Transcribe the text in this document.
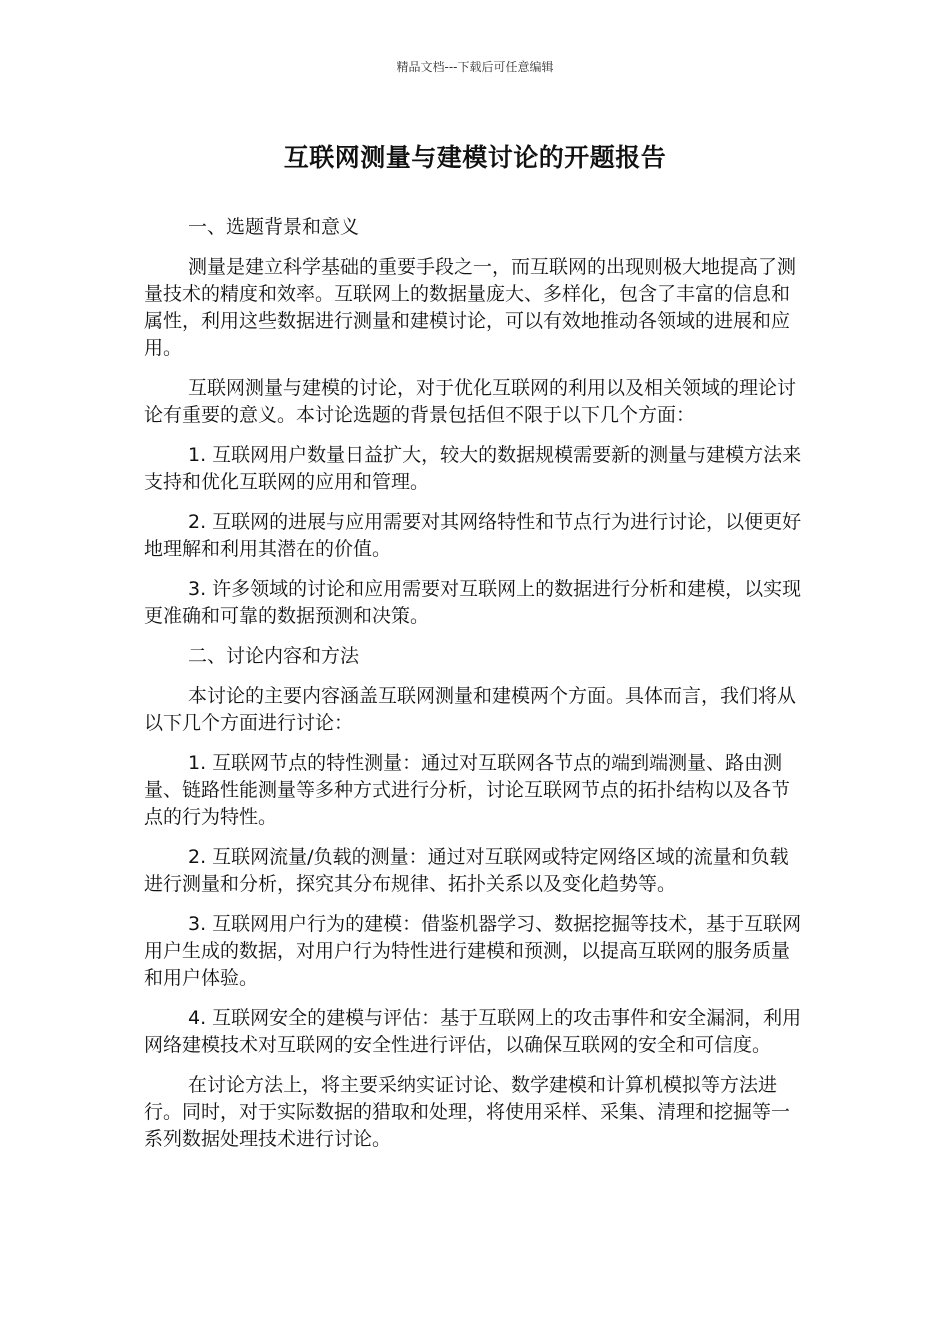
精品文档---下载后可任意编辑
互联网测量与建模讨论的开题报告

一、选题背景和意义

测量是建立科学基础的重要手段之一，而互联网的出现则极大地提高了测量技术的精度和效率。互联网上的数据量庞大、多样化，包含了丰富的信息和属性，利用这些数据进行测量和建模讨论，可以有效地推动各领域的进展和应用。

互联网测量与建模的讨论，对于优化互联网的利用以及相关领域的理论讨论有重要的意义。本讨论选题的背景包括但不限于以下几个方面：

1. 互联网用户数量日益扩大，较大的数据规模需要新的测量与建模方法来支持和优化互联网的应用和管理。

2. 互联网的进展与应用需要对其网络特性和节点行为进行讨论，以便更好地理解和利用其潜在的价值。

3. 许多领域的讨论和应用需要对互联网上的数据进行分析和建模，以实现更准确和可靠的数据预测和决策。

二、讨论内容和方法

本讨论的主要内容涵盖互联网测量和建模两个方面。具体而言，我们将从以下几个方面进行讨论：

1. 互联网节点的特性测量：通过对互联网各节点的端到端测量、路由测量、链路性能测量等多种方式进行分析，讨论互联网节点的拓扑结构以及各节点的行为特性。

2. 互联网流量/负载的测量：通过对互联网或特定网络区域的流量和负载进行测量和分析，探究其分布规律、拓扑关系以及变化趋势等。

3. 互联网用户行为的建模：借鉴机器学习、数据挖掘等技术，基于互联网用户生成的数据，对用户行为特性进行建模和预测，以提高互联网的服务质量和用户体验。

4. 互联网安全的建模与评估：基于互联网上的攻击事件和安全漏洞，利用网络建模技术对互联网的安全性进行评估，以确保互联网的安全和可信度。

在讨论方法上，将主要采纳实证讨论、数学建模和计算机模拟等方法进行。同时，对于实际数据的猎取和处理，将使用采样、采集、清理和挖掘等一系列数据处理技术进行讨论。
